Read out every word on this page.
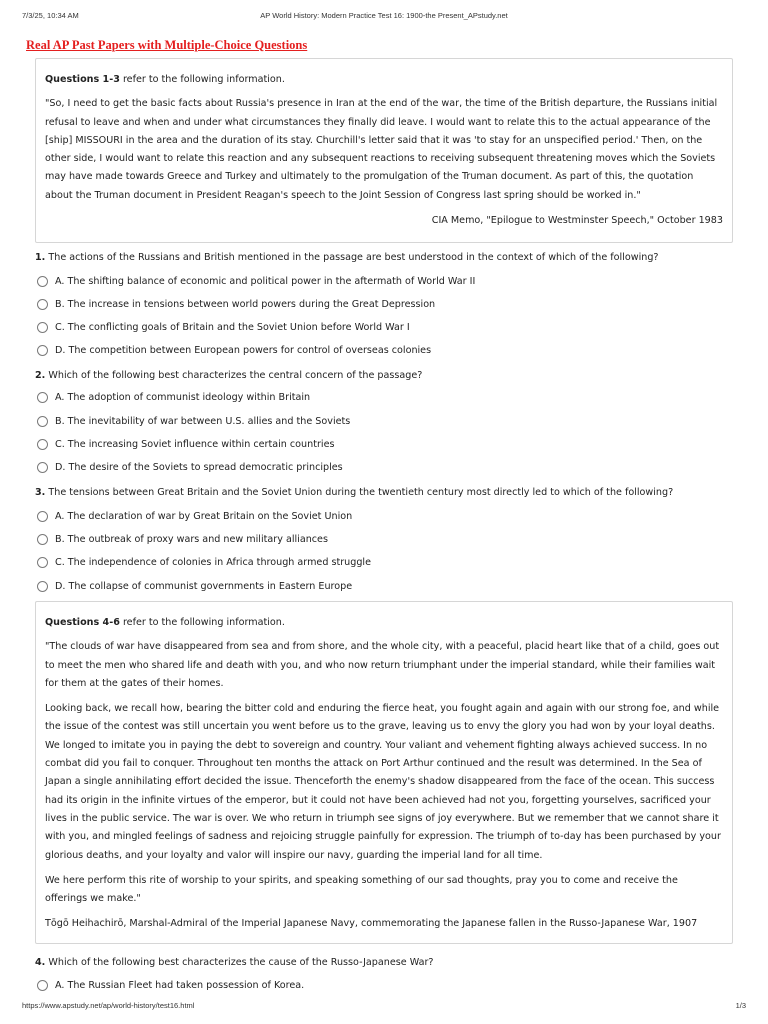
7/3/25, 10:34 AM	AP World History: Modern Practice Test 16: 1900-the Present_APstudy.net
Real AP Past Papers with Multiple-Choice Questions

Questions 1-3 refer to the following information.

"So, I need to get the basic facts about Russia's presence in Iran at the end of the war, the time of the British departure, the Russians initial refusal to leave and when and under what circumstances they finally did leave. I would want to relate this to the actual appearance of the [ship] MISSOURI in the area and the duration of its stay. Churchill's letter said that it was 'to stay for an unspecified period.' Then, on the other side, I would want to relate this reaction and any subsequent reactions to receiving subsequent threatening moves which the Soviets may have made towards Greece and Turkey and ultimately to the promulgation of the Truman document. As part of this, the quotation about the Truman document in President Reagan's speech to the Joint Session of Congress last spring should be worked in."

CIA Memo, "Epilogue to Westminster Speech," October 1983

1. The actions of the Russians and British mentioned in the passage are best understood in the context of which of the following?
A. The shifting balance of economic and political power in the aftermath of World War II
B. The increase in tensions between world powers during the Great Depression
C. The conflicting goals of Britain and the Soviet Union before World War I
D. The competition between European powers for control of overseas colonies
2. Which of the following best characterizes the central concern of the passage?
A. The adoption of communist ideology within Britain
B. The inevitability of war between U.S. allies and the Soviets
C. The increasing Soviet influence within certain countries
D. The desire of the Soviets to spread democratic principles
3. The tensions between Great Britain and the Soviet Union during the twentieth century most directly led to which of the following?
A. The declaration of war by Great Britain on the Soviet Union
B. The outbreak of proxy wars and new military alliances
C. The independence of colonies in Africa through armed struggle
D. The collapse of communist governments in Eastern Europe

Questions 4-6 refer to the following information.

"The clouds of war have disappeared from sea and from shore, and the whole city, with a peaceful, placid heart like that of a child, goes out to meet the men who shared life and death with you, and who now return triumphant under the imperial standard, while their families wait for them at the gates of their homes.

Looking back, we recall how, bearing the bitter cold and enduring the fierce heat, you fought again and again with our strong foe, and while the issue of the contest was still uncertain you went before us to the grave, leaving us to envy the glory you had won by your loyal deaths. We longed to imitate you in paying the debt to sovereign and country. Your valiant and vehement fighting always achieved success. In no combat did you fail to conquer. Throughout ten months the attack on Port Arthur continued and the result was determined. In the Sea of Japan a single annihilating effort decided the issue. Thenceforth the enemy's shadow disappeared from the face of the ocean. This success had its origin in the infinite virtues of the emperor, but it could not have been achieved had not you, forgetting yourselves, sacrificed your lives in the public service. The war is over. We who return in triumph see signs of joy everywhere. But we remember that we cannot share it with you, and mingled feelings of sadness and rejoicing struggle painfully for expression. The triumph of to-day has been purchased by your glorious deaths, and your loyalty and valor will inspire our navy, guarding the imperial land for all time.

We here perform this rite of worship to your spirits, and speaking something of our sad thoughts, pray you to come and receive the offerings we make."

Tōgō Heihachirō, Marshal-Admiral of the Imperial Japanese Navy, commemorating the Japanese fallen in the Russo-Japanese War, 1907

4. Which of the following best characterizes the cause of the Russo-Japanese War?
A. The Russian Fleet had taken possession of Korea.
https://www.apstudy.net/ap/world-history/test16.html	1/3
